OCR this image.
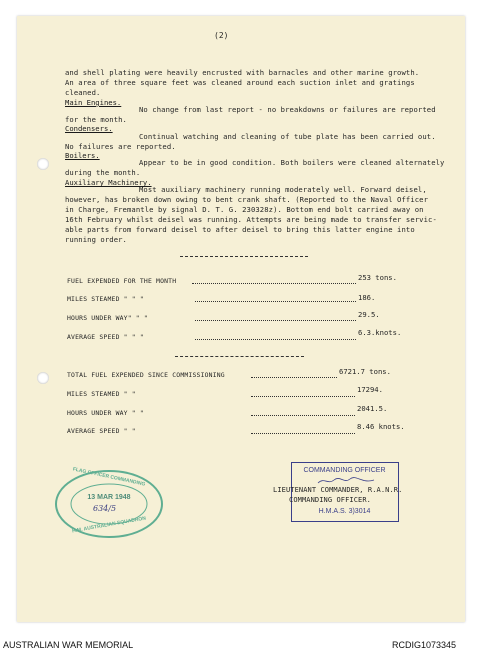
(2)
and shell plating were heavily encrusted with barnacles and other marine growth.
An area of three square feet was cleaned around each suction inlet and gratings
cleaned.
Main Engines.
No change from last report - no breakdowns or failures are reported
for the month.
Condensers.
Continual watching and cleaning of tube plate has been carried out.
No failures are reported.
Boilers.
Appear to be in good condition. Both boilers were cleaned alternately
during the month.
Auxiliary Machinery.
Most auxiliary machinery running moderately well. Forward deisel,
however, has broken down owing to bent crank shaft. (Reported to the Naval Officer
in Charge, Fremantle by signal D. T. G. 230328z). Bottom end bolt carried away on
16th February whilst deisel was running. Attempts are being made to transfer servic-
able parts from forward deisel to after deisel to bring this latter engine into
running order.
FUEL EXPENDED FOR THE MONTH	253 tons.
MILES STEAMED " " "	186.
HOURS UNDER WAY" " "	29.5.
AVERAGE SPEED " " "	6.3.knots.
TOTAL FUEL EXPENDED SINCE COMMISSIONING	6721.7 tons.
MILES STEAMED " "	17294.
HOURS UNDER WAY " "	2041.5.
AVERAGE SPEED " "	8.46 knots.
FLAG OFFICER COMMANDING
13 MAR 1948
634/5
H.M. AUSTRALIAN SQUADRON
COMMANDING OFFICER
H.M.A.S. 3)3014
LIEUTENANT COMMANDER, R.A.N.R.
COMMANDING OFFICER.
AUSTRALIAN WAR MEMORIAL	RCDIG1073345
